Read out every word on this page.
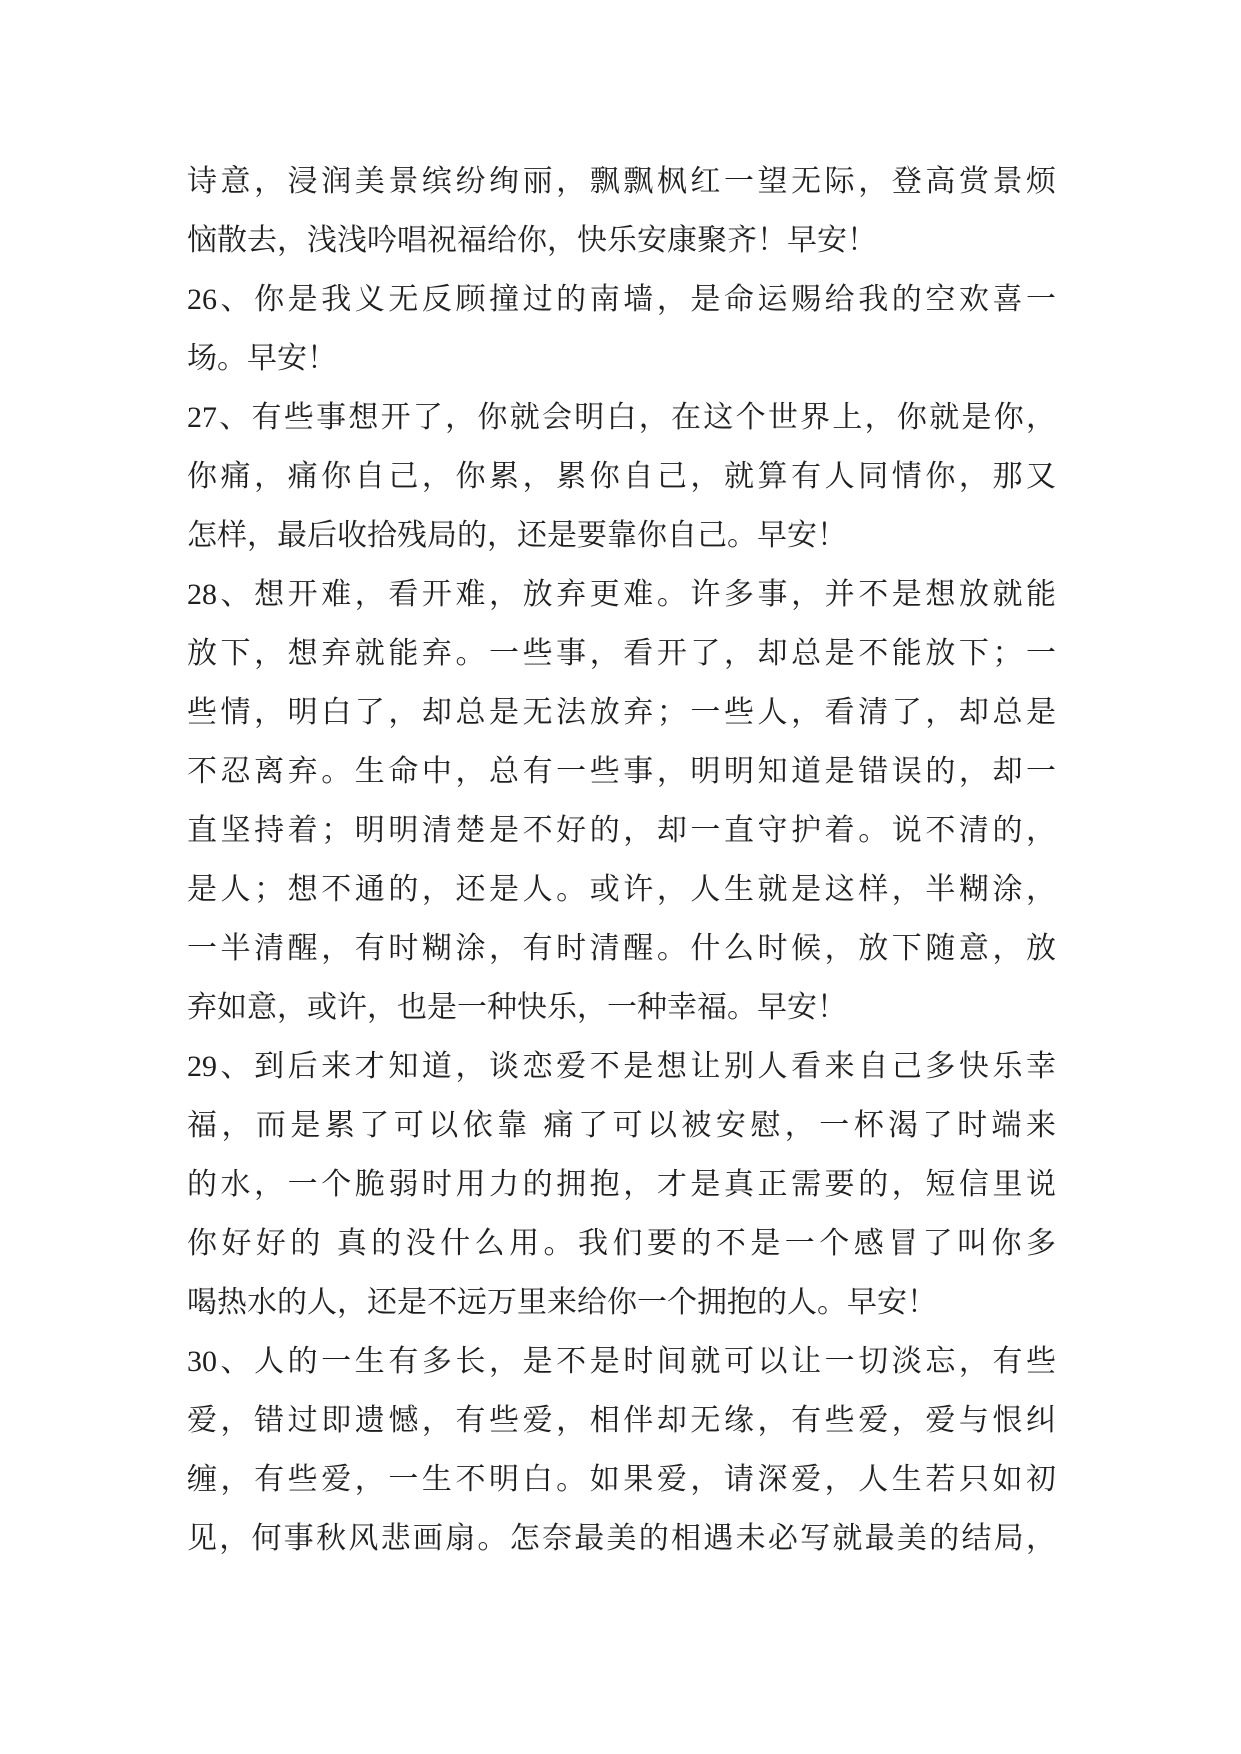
诗意，浸润美景缤纷绚丽，飘飘枫红一望无际，登高赏景烦
恼散去，浅浅吟唱祝福给你，快乐安康聚齐！早安！
26、你是我义无反顾撞过的南墙，是命运赐给我的空欢喜一
场。早安！
27、有些事想开了，你就会明白，在这个世界上，你就是你，
你痛，痛你自己，你累，累你自己，就算有人同情你，那又
怎样，最后收拾残局的，还是要靠你自己。早安！
28、想开难，看开难，放弃更难。许多事，并不是想放就能
放下，想弃就能弃。一些事，看开了，却总是不能放下；一
些情，明白了，却总是无法放弃；一些人，看清了，却总是
不忍离弃。生命中，总有一些事，明明知道是错误的，却一
直坚持着；明明清楚是不好的，却一直守护着。说不清的，
是人；想不通的，还是人。或许，人生就是这样，半糊涂，
一半清醒，有时糊涂，有时清醒。什么时候，放下随意，放
弃如意，或许，也是一种快乐，一种幸福。早安！
29、到后来才知道，谈恋爱不是想让别人看来自己多快乐幸
福，而是累了可以依靠 痛了可以被安慰，一杯渴了时端来
的水，一个脆弱时用力的拥抱，才是真正需要的，短信里说
你好好的 真的没什么用。我们要的不是一个感冒了叫你多
喝热水的人，还是不远万里来给你一个拥抱的人。早安！
30、人的一生有多长，是不是时间就可以让一切淡忘，有些
爱，错过即遗憾，有些爱，相伴却无缘，有些爱，爱与恨纠
缠，有些爱，一生不明白。如果爱，请深爱，人生若只如初
见，何事秋风悲画扇。怎奈最美的相遇未必写就最美的结局，
